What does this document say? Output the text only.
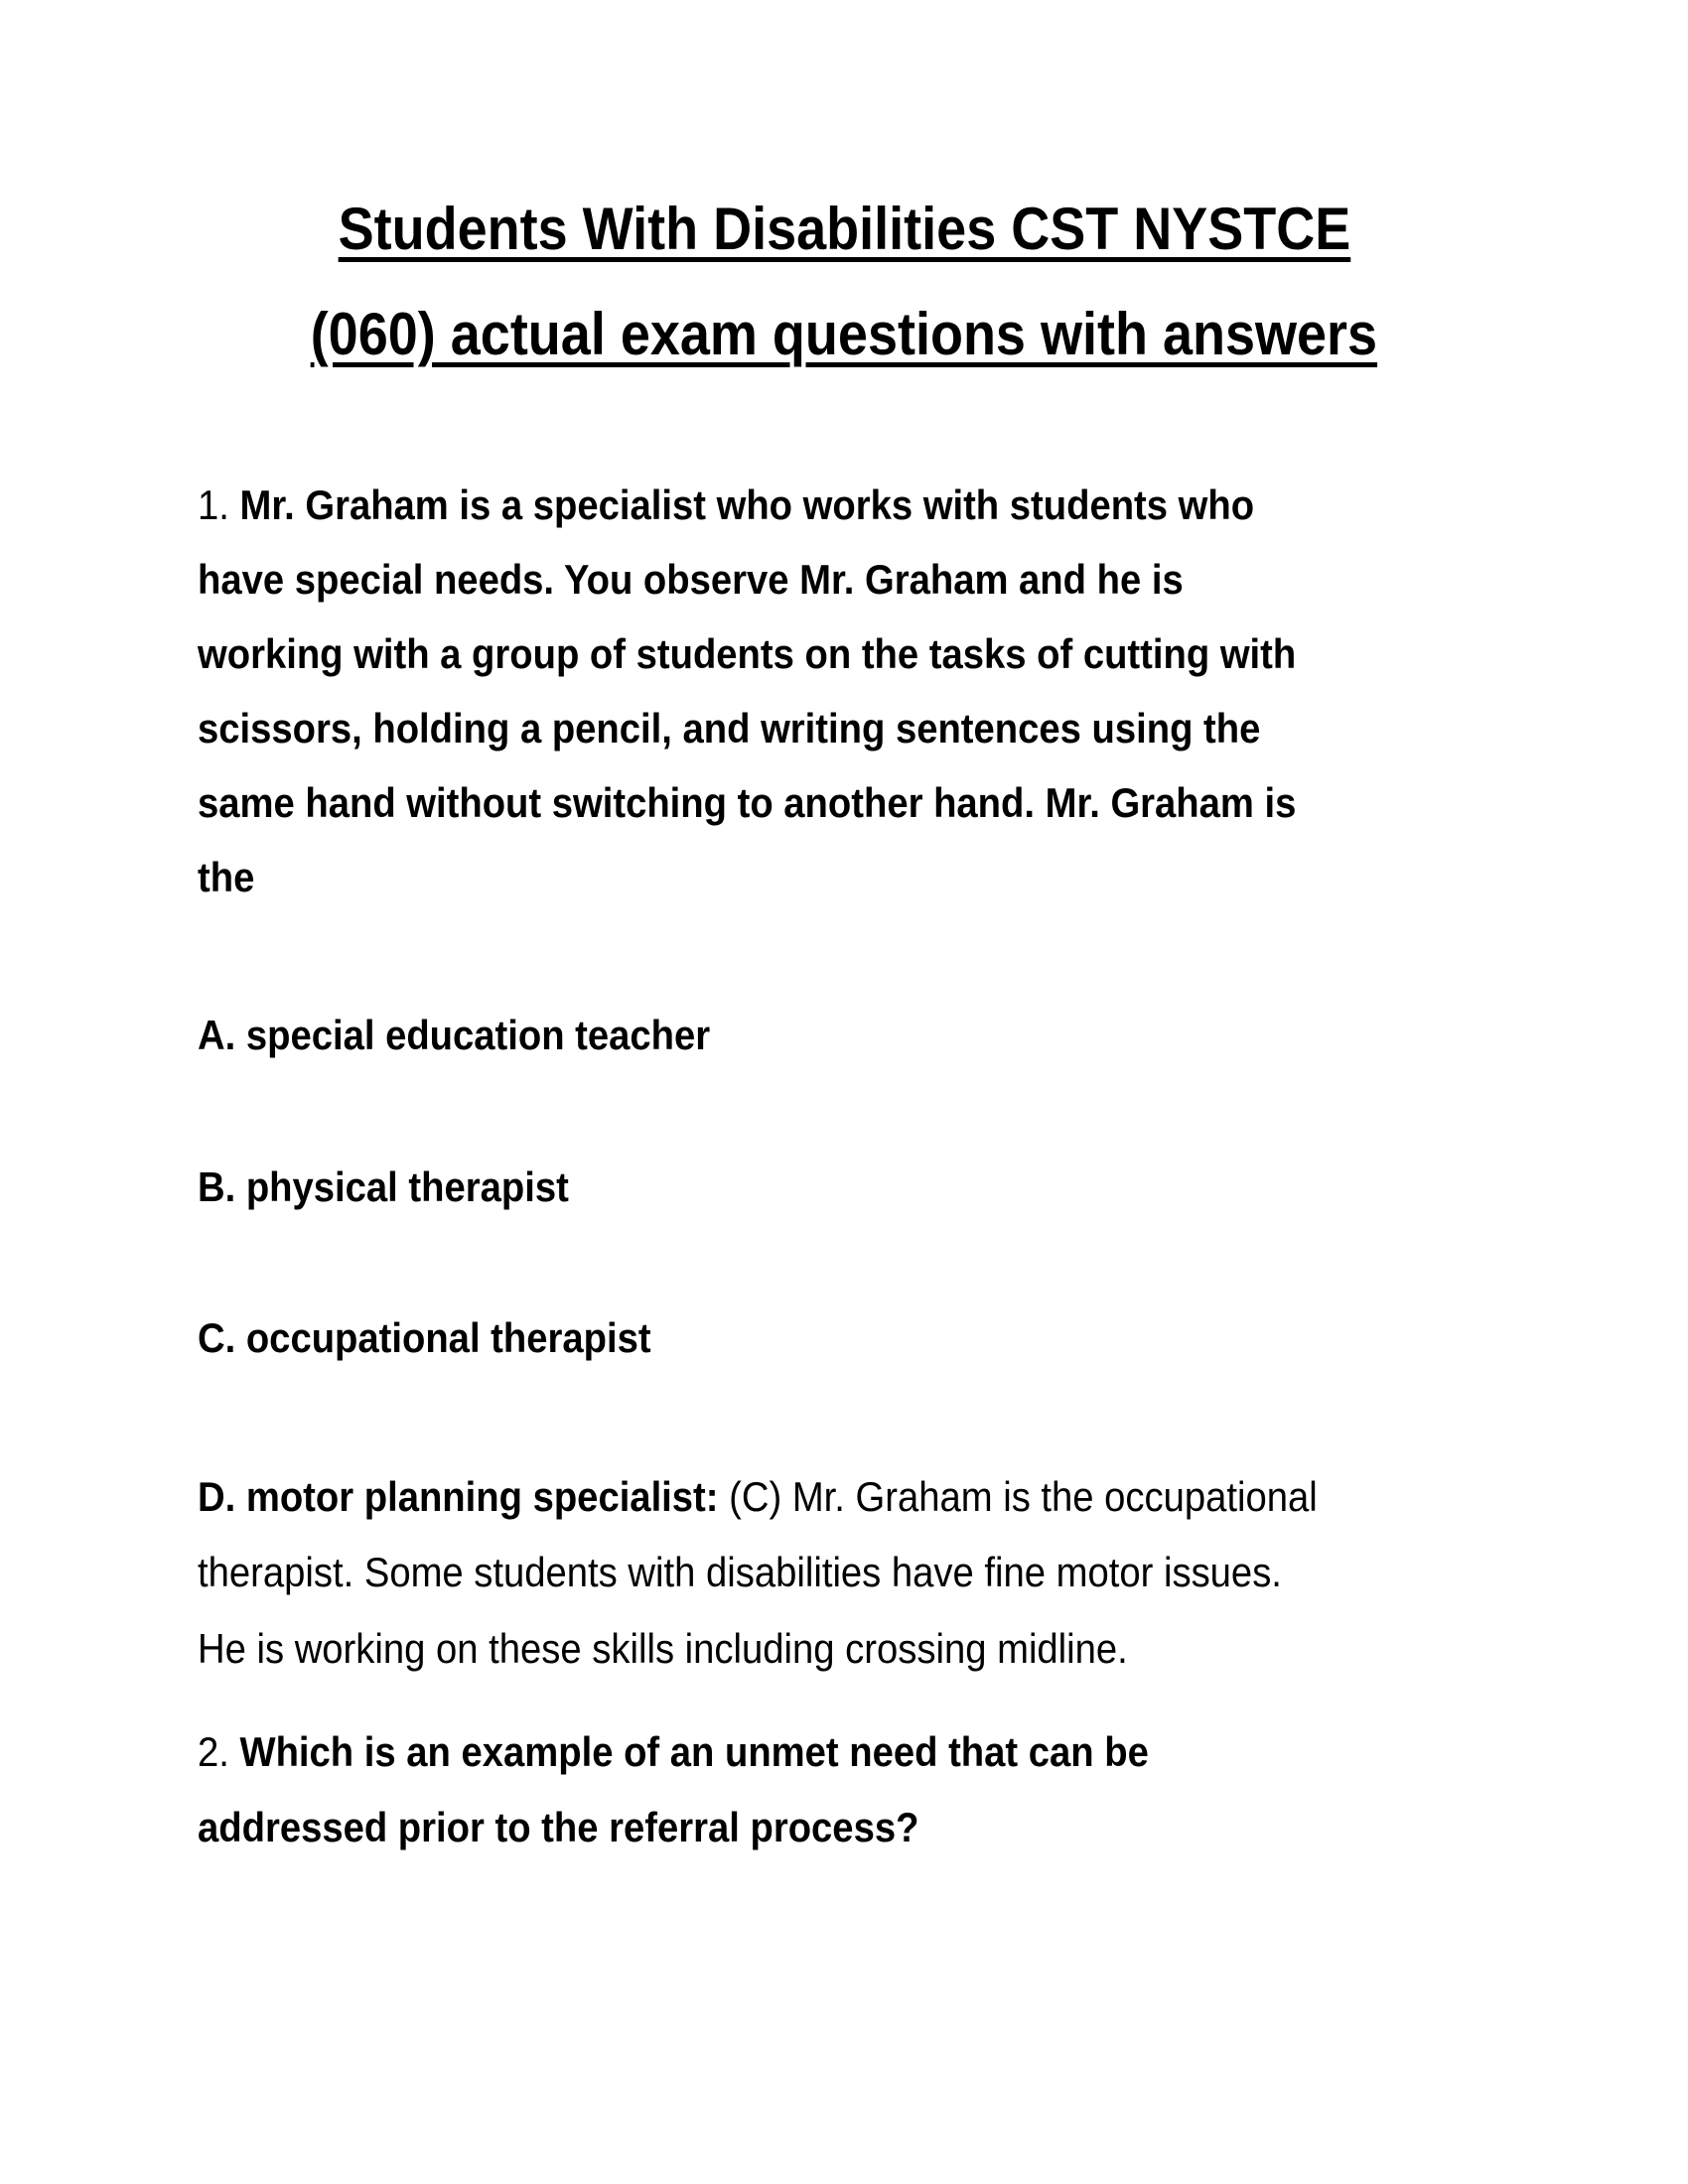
Students With Disabilities CST NYSTCE
(060) actual exam questions with answers
1. Mr. Graham is a specialist who works with students who
have special needs. You observe Mr. Graham and he is
working with a group of students on the tasks of cutting with
scissors, holding a pencil, and writing sentences using the
same hand without switching to another hand. Mr. Graham is
the
A. special education teacher
B. physical therapist
C. occupational therapist
D. motor planning specialist: (C) Mr. Graham is the occupational
therapist. Some students with disabilities have fine motor issues.
He is working on these skills including crossing midline.
2. Which is an example of an unmet need that can be
addressed prior to the referral process?
